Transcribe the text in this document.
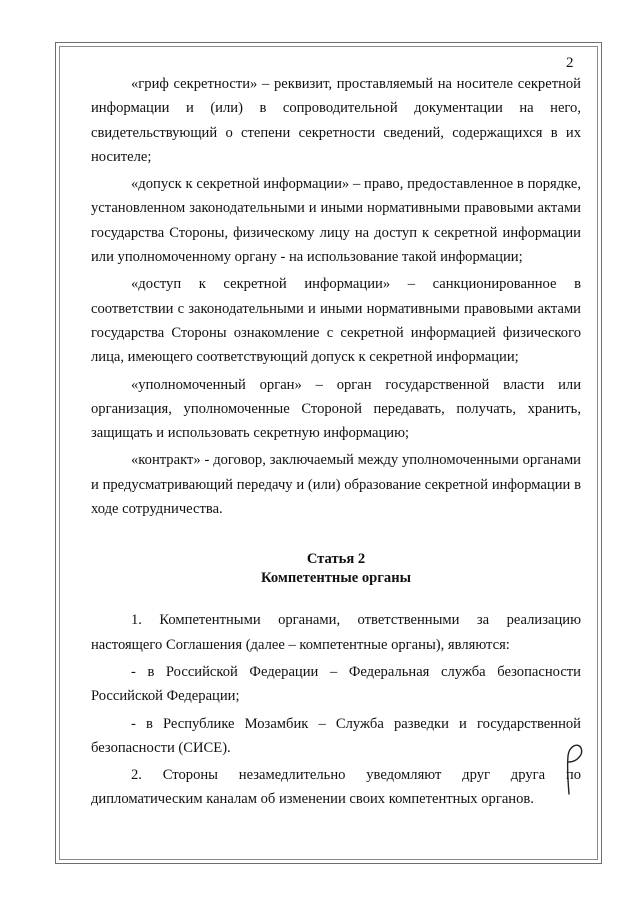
2

«гриф секретности» – реквизит, проставляемый на носителе секретной информации и (или) в сопроводительной документации на него, свидетельствующий о степени секретности сведений, содержащихся в их носителе;

«допуск к секретной информации» – право, предоставленное в порядке, установленном законодательными и иными нормативными правовыми актами государства Стороны, физическому лицу на доступ к секретной информации или уполномоченному органу - на использование такой информации;

«доступ к секретной информации» – санкционированное в соответствии с законодательными и иными нормативными правовыми актами государства Стороны ознакомление с секретной информацией физического лица, имеющего соответствующий допуск к секретной информации;

«уполномоченный орган» – орган государственной власти или организация, уполномоченные Стороной передавать, получать, хранить, защищать и использовать секретную информацию;

«контракт» - договор, заключаемый между уполномоченными органами и предусматривающий передачу и (или) образование секретной информации в ходе сотрудничества.

Статья 2

Компетентные органы

1. Компетентными органами, ответственными за реализацию настоящего Соглашения (далее – компетентные органы), являются:

- в Российской Федерации – Федеральная служба безопасности Российской Федерации;

- в Республике Мозамбик – Служба разведки и государственной безопасности (СИСЕ).

2. Стороны незамедлительно уведомляют друг друга по дипломатическим каналам об изменении своих компетентных органов.
